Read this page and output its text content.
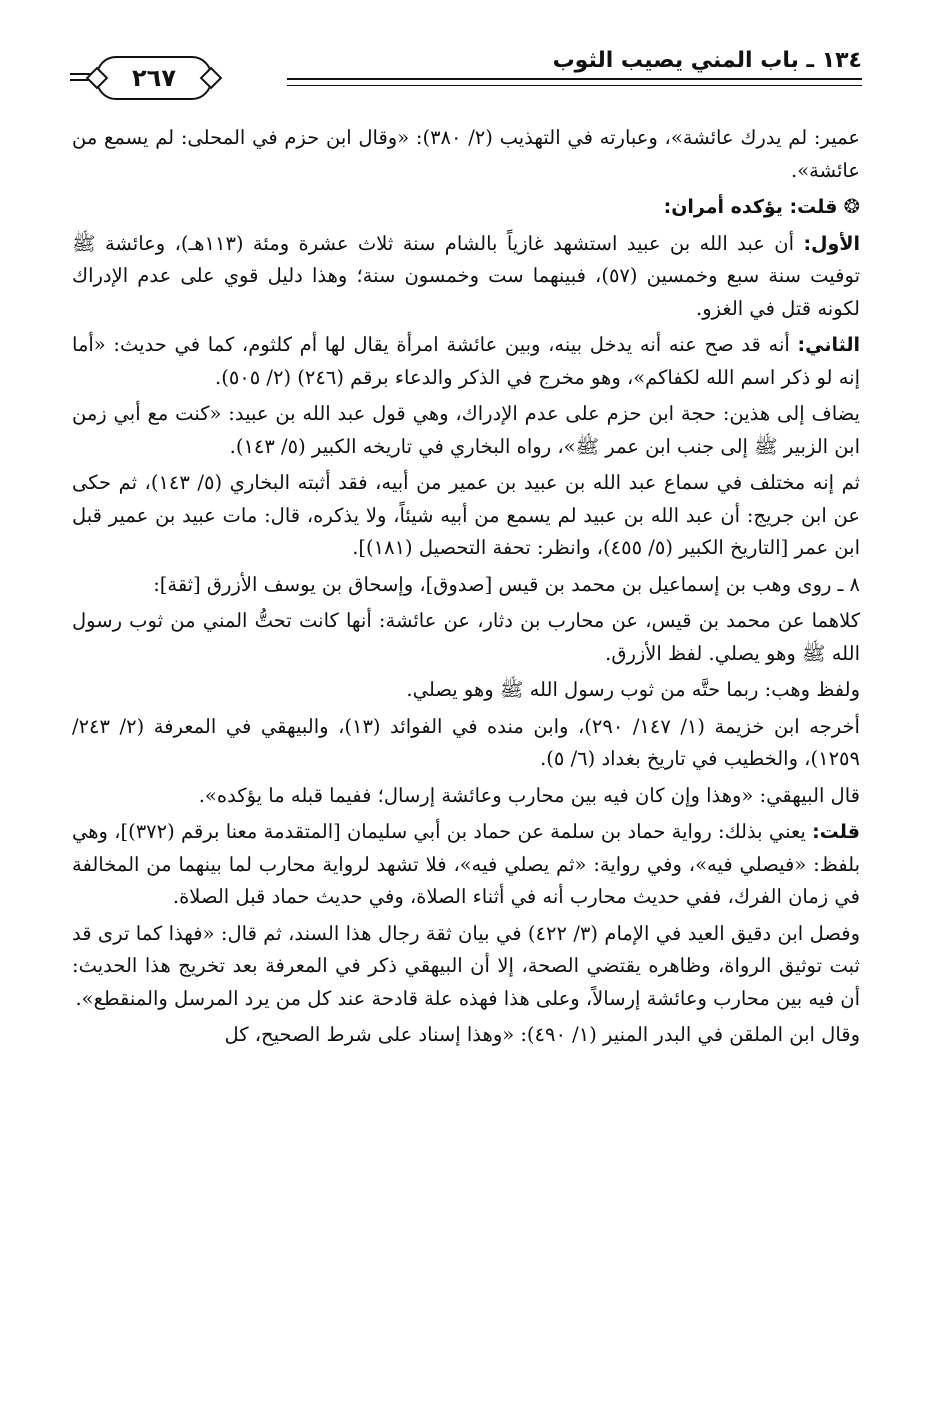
١٣٤ ـ باب المني يصيب الثوب
٢٦٧

عمير: لم يدرك عائشة»، وعبارته في التهذيب (٢/ ٣٨٠): «وقال ابن حزم في المحلى: لم يسمع من عائشة».

❂ قلت: يؤكده أمران:

الأول: أن عبد الله بن عبيد استشهد غازياً بالشام سنة ثلاث عشرة ومئة (١١٣هـ)، وعائشة ﷺ توفيت سنة سبع وخمسين (٥٧)، فبينهما ست وخمسون سنة؛ وهذا دليل قوي على عدم الإدراك لكونه قتل في الغزو.

الثاني: أنه قد صح عنه أنه يدخل بينه، وبين عائشة امرأة يقال لها أم كلثوم، كما في حديث: «أما إنه لو ذكر اسم الله لكفاكم»، وهو مخرج في الذكر والدعاء برقم (٢٤٦) (٢/ ٥٠٥).

يضاف إلى هذين: حجة ابن حزم على عدم الإدراك، وهي قول عبد الله بن عبيد: «كنت مع أبي زمن ابن الزبير ﷺ إلى جنب ابن عمر ﷺ»، رواه البخاري في تاريخه الكبير (٥/ ١٤٣).

ثم إنه مختلف في سماع عبد الله بن عبيد بن عمير من أبيه، فقد أثبته البخاري (٥/ ١٤٣)، ثم حكى عن ابن جريج: أن عبد الله بن عبيد لم يسمع من أبيه شيئاً، ولا يذكره، قال: مات عبيد بن عمير قبل ابن عمر [التاريخ الكبير (٥/ ٤٥٥)، وانظر: تحفة التحصيل (١٨١)].

٨ ـ روى وهب بن إسماعيل بن محمد بن قيس [صدوق]، وإسحاق بن يوسف الأزرق [ثقة]:

كلاهما عن محمد بن قيس، عن محارب بن دثار، عن عائشة: أنها كانت تحتُّ المني من ثوب رسول الله ﷺ وهو يصلي. لفظ الأزرق.

ولفظ وهب: ربما حتَّه من ثوب رسول الله ﷺ وهو يصلي.

أخرجه ابن خزيمة (١/ ١٤٧/ ٢٩٠)، وابن منده في الفوائد (١٣)، والبيهقي في المعرفة (٢/ ٢٤٣/ ١٢٥٩)، والخطيب في تاريخ بغداد (٦/ ٥).

قال البيهقي: «وهذا وإن كان فيه بين محارب وعائشة إرسال؛ ففيما قبله ما يؤكده».

قلت: يعني بذلك: رواية حماد بن سلمة عن حماد بن أبي سليمان [المتقدمة معنا برقم (٣٧٢)]، وهي بلفظ: «فيصلي فيه»، وفي رواية: «ثم يصلي فيه»، فلا تشهد لرواية محارب لما بينهما من المخالفة في زمان الفرك، ففي حديث محارب أنه في أثناء الصلاة، وفي حديث حماد قبل الصلاة.

وفصل ابن دقيق العيد في الإمام (٣/ ٤٢٢) في بيان ثقة رجال هذا السند، ثم قال: «فهذا كما ترى قد ثبت توثيق الرواة، وظاهره يقتضي الصحة، إلا أن البيهقي ذكر في المعرفة بعد تخريج هذا الحديث: أن فيه بين محارب وعائشة إرسالاً، وعلى هذا فهذه علة قادحة عند كل من يرد المرسل والمنقطع».

وقال ابن الملقن في البدر المنير (١/ ٤٩٠): «وهذا إسناد على شرط الصحيح، كل
